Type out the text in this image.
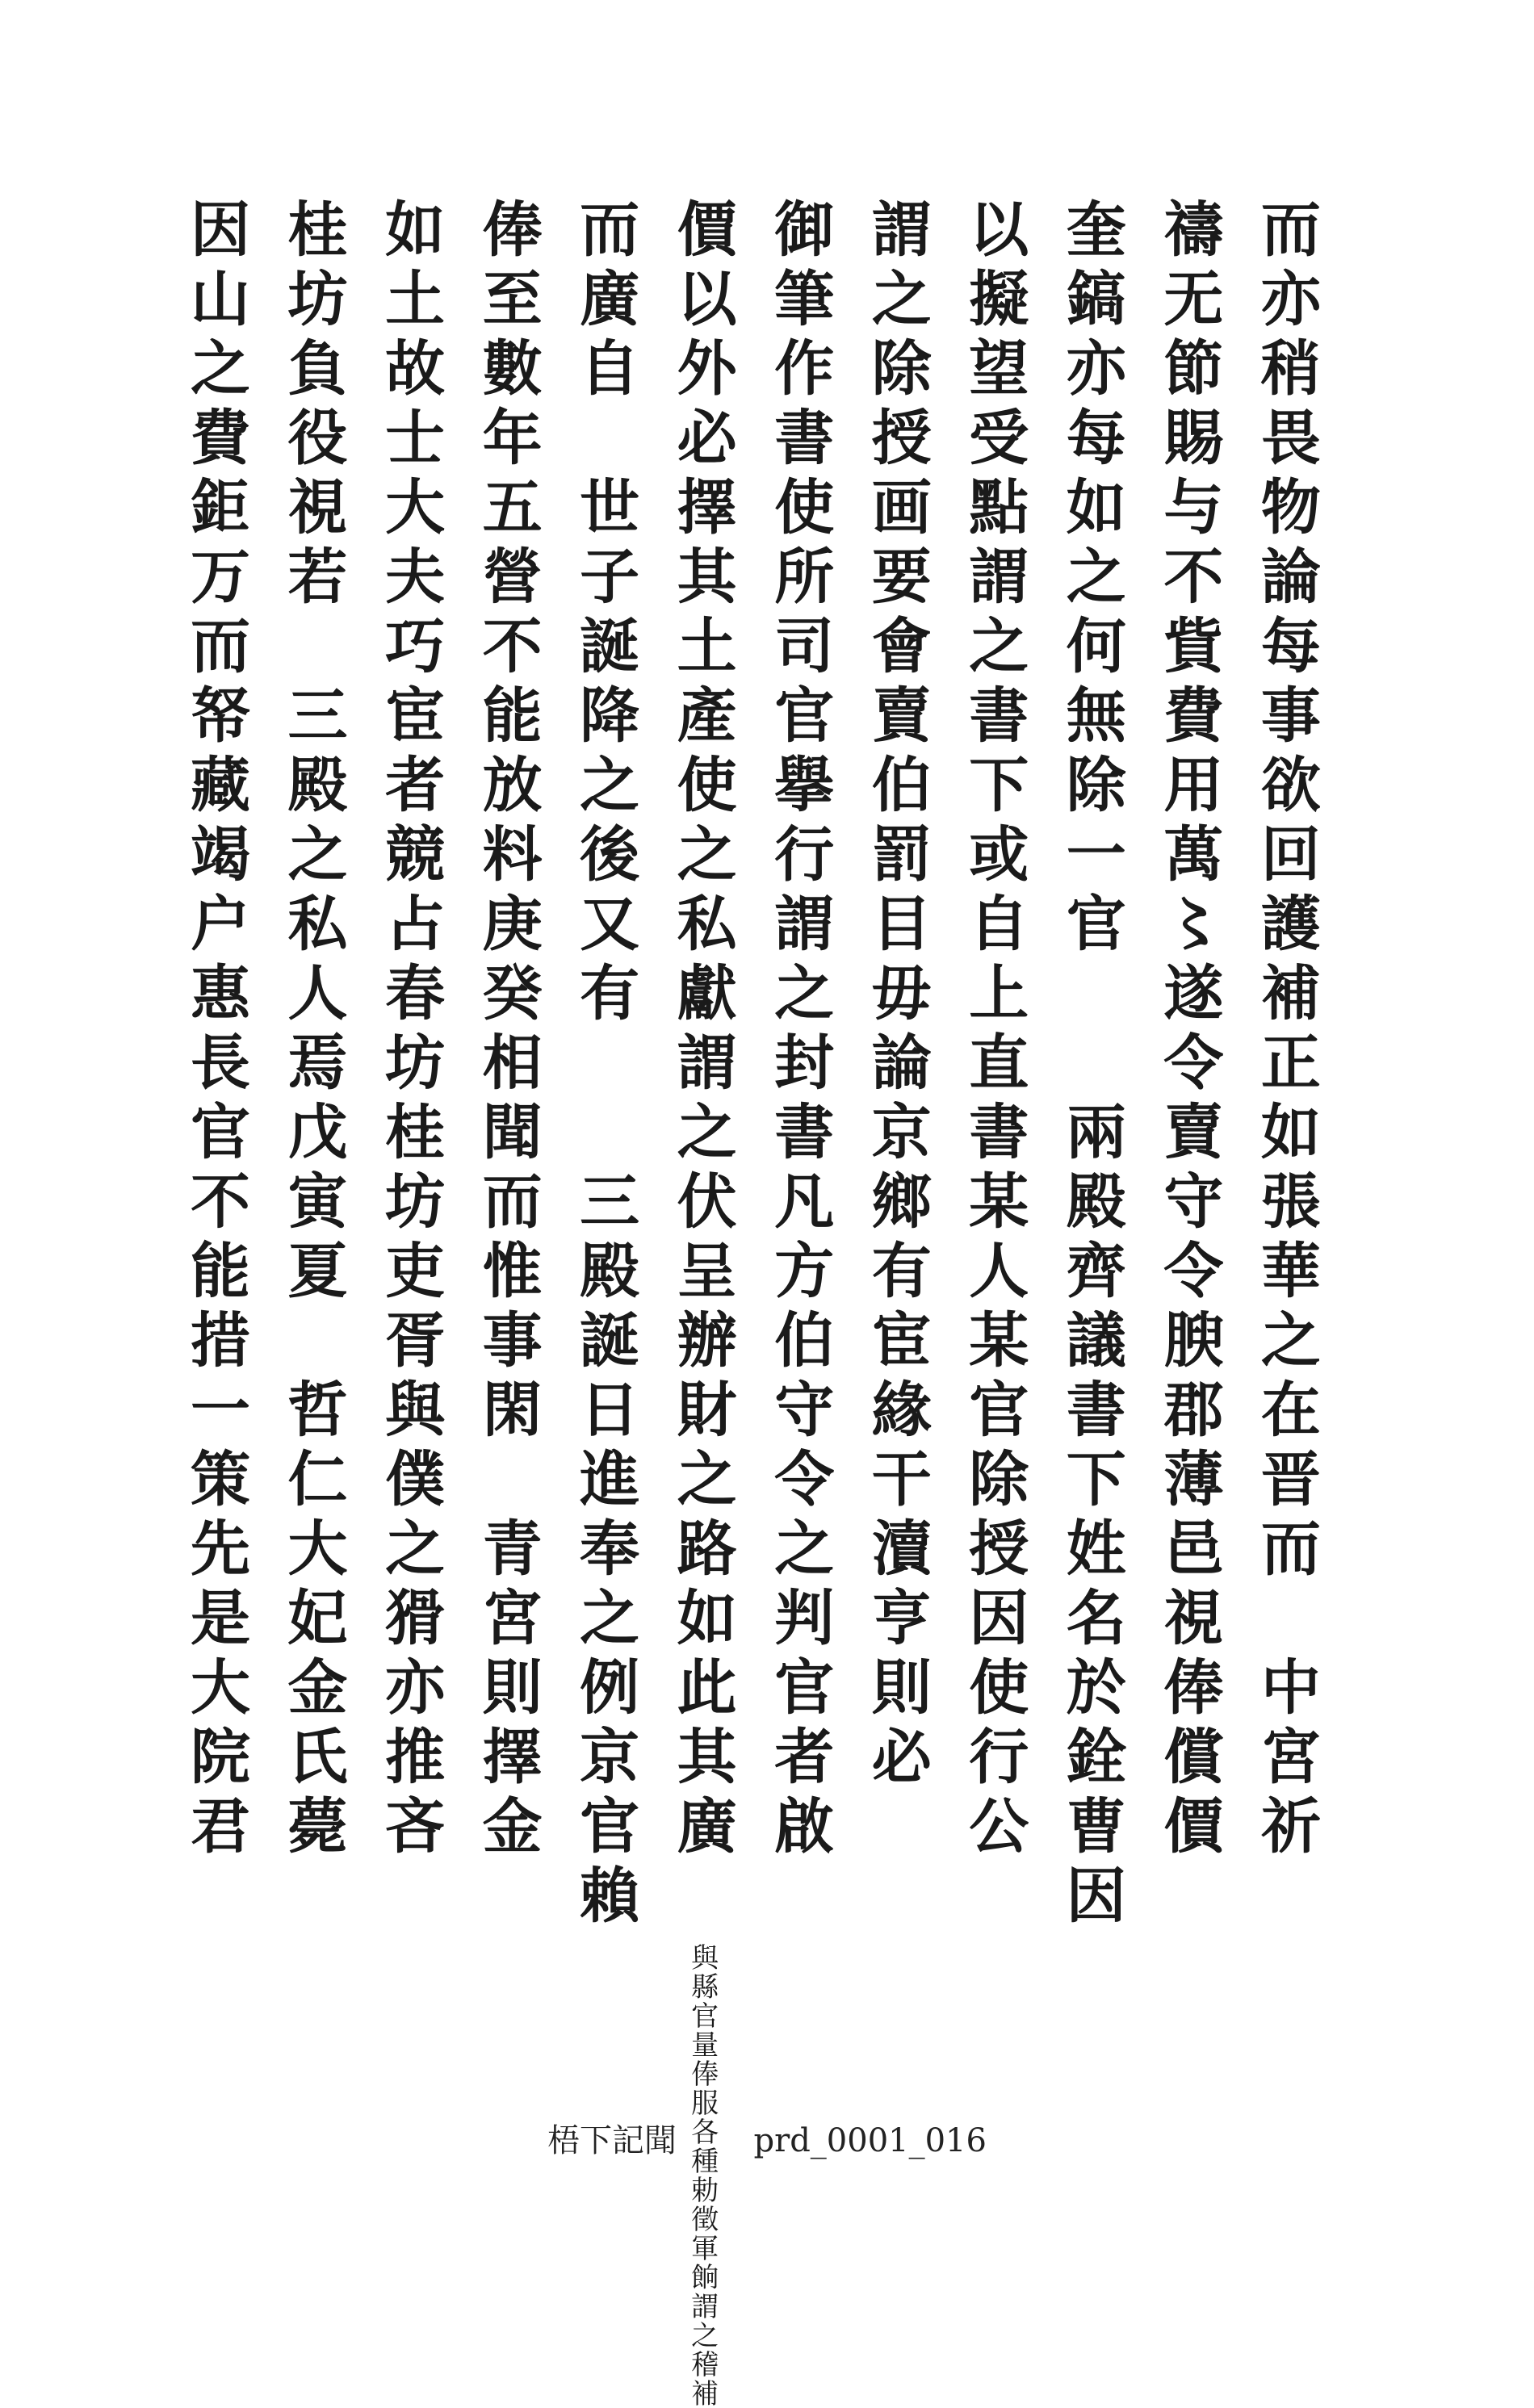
而亦稍畏物論每事欲回護補正如張華之在晋而　中宮祈
禱无節賜与不貲費用萬〻遂令賣守令腴郡薄邑視俸償價
奎鎬亦每如之何無除一官　　兩殿齊議書下姓名於銓曹因
以擬望受點謂之書下或自上直書某人某官除授因使行公
謂之除授画要會賣伯罰目毋論京鄉有宦緣干瀆亨則必
御筆作書使所司官擧行謂之封書凡方伯守令之判官者啟
價以外必擇其土產使之私獻謂之伏呈辦財之路如此其廣 與縣官量俸服各種勅徵軍餉謂之稽補
而廣自　世子誕降之後又有　　三殿誕日進奉之例京官賴
俸至數年五營不能放料庚癸相聞而惟事閑　青宮則擇金
如土故士大夫巧宦者競占春坊桂坊吏胥與僕之猾亦推吝
桂坊負役視若　三殿之私人焉戊寅夏　哲仁大妃金氏薨
因山之費鉅万而帑藏竭户惠長官不能措一策先是大院君
梧下記聞 prd_0001_016
